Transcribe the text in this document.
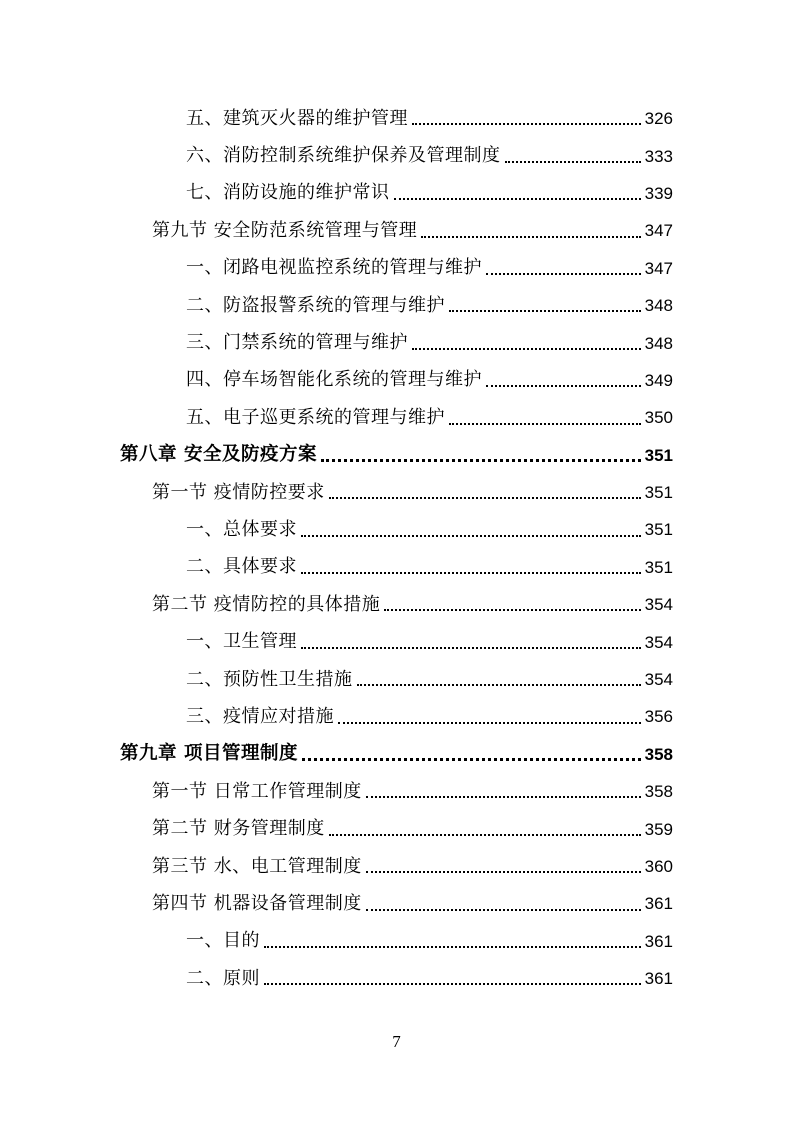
五、建筑灭火器的维护管理	326
六、消防控制系统维护保养及管理制度	333
七、消防设施的维护常识	339
第九节 安全防范系统管理与管理	347
一、闭路电视监控系统的管理与维护	347
二、防盗报警系统的管理与维护	348
三、门禁系统的管理与维护	348
四、停车场智能化系统的管理与维护	349
五、电子巡更系统的管理与维护	350
第八章 安全及防疫方案	351
第一节 疫情防控要求	351
一、总体要求	351
二、具体要求	351
第二节 疫情防控的具体措施	354
一、卫生管理	354
二、预防性卫生措施	354
三、疫情应对措施	356
第九章 项目管理制度	358
第一节 日常工作管理制度	358
第二节 财务管理制度	359
第三节 水、电工管理制度	360
第四节 机器设备管理制度	361
一、目的	361
二、原则	361
7
